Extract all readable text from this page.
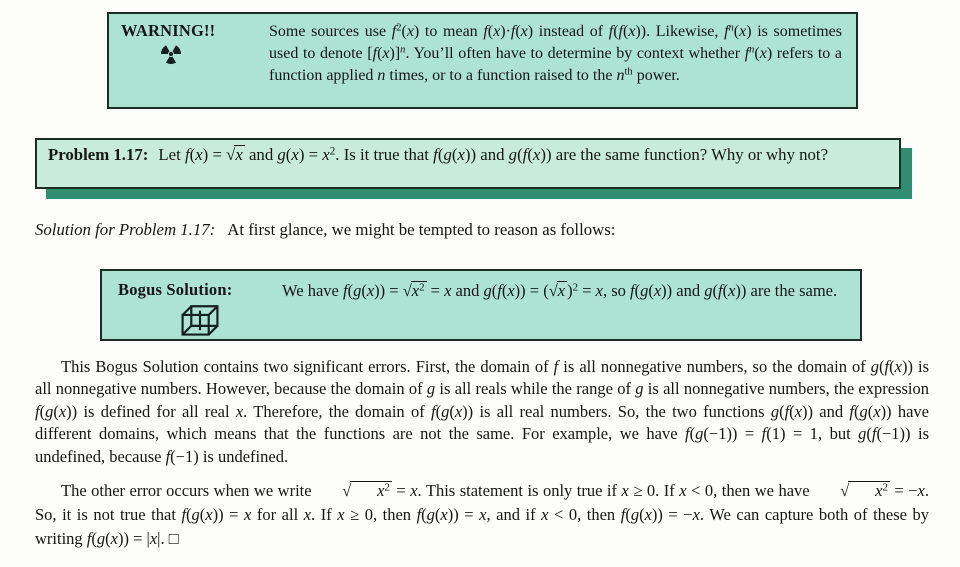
WARNING!!	Some sources use $f^2(x)$ to mean f(x)·f(x) instead of f(f(x)). Likewise, $f^n(x)$ is sometimes used to denote $[f(x)]^n$. You’ll often have to determine by context whether $f^n(x)$ refers to a function applied n times, or to a function raised to the $n^{th}$ power.

Problem 1.17: Let f(x) = √x and $g(x) = x^2$. Is it true that f(g(x)) and g(f(x)) are the same function? Why or why not?

Solution for Problem 1.17: At first glance, we might be tempted to reason as follows:

Bogus Solution:	We have $f(g(x)) = √x^2 = x$ and g(f(x)) = (√x )$^2$ = x, so f(g(x)) and g(f(x)) are the same.

This Bogus Solution contains two significant errors. First, the domain of f is all nonnegative numbers, so the domain of g(f(x)) is all nonnegative numbers. However, because the domain of g is all reals while the range of g is all nonnegative numbers, the expression f(g(x)) is defined for all real x. Therefore, the domain of f(g(x)) is all real numbers. So, the two functions g(f(x)) and f(g(x)) have different domains, which means that the functions are not the same. For example, we have f(g(−1)) = f(1) = 1, but g(f(−1)) is undefined, because f(−1) is undefined.

The other error occurs when we write √ $x^2 = x$. This statement is only true if x ≥ 0. If x < 0, then we have √ $x^2 = -x$. So, it is not true that f(g(x)) = x for all x. If x ≥ 0, then f(g(x)) = x, and if x < 0, then f(g(x)) = −x. We can capture both of these by writing f(g(x)) = |x|. □
